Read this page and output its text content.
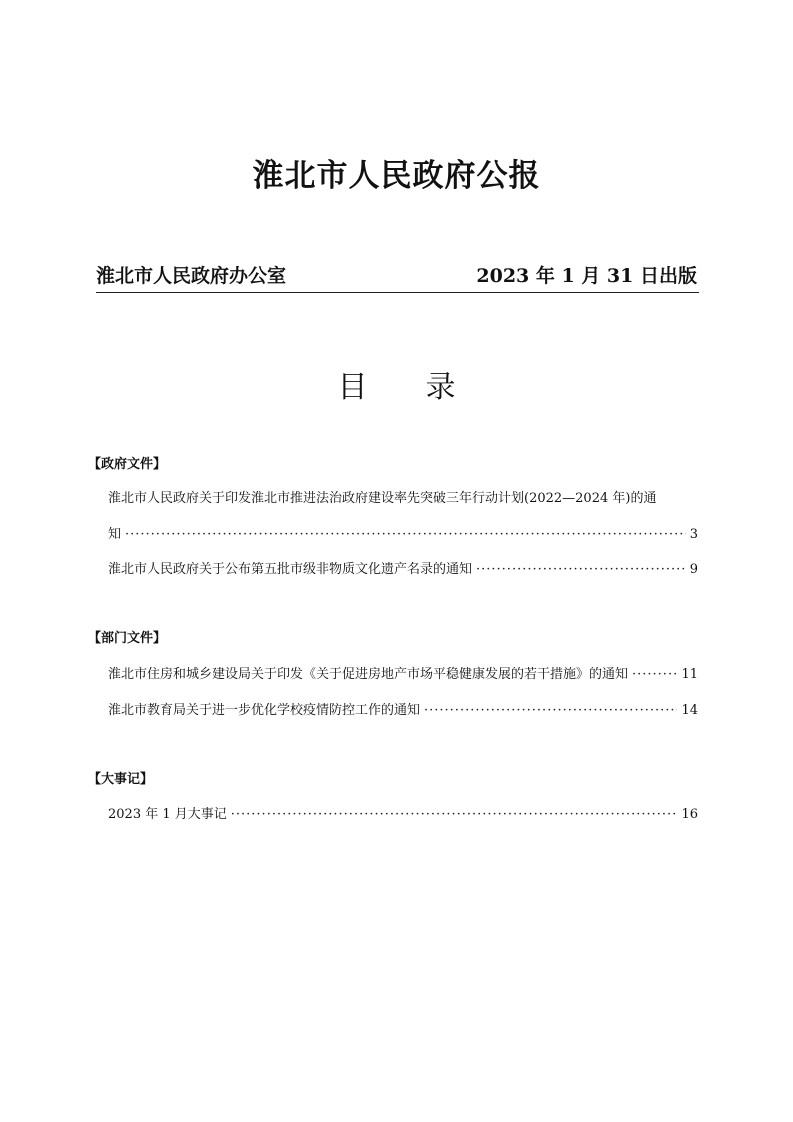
淮北市人民政府公报
淮北市人民政府办公室	2023 年 1 月 31 日出版
目 录
【政府文件】
淮北市人民政府关于印发淮北市推进法治政府建设率先突破三年行动计划(2022—2024 年)的通
知 ·····	3
淮北市人民政府关于公布第五批市级非物质文化遗产名录的通知 ·····	9
【部门文件】
淮北市住房和城乡建设局关于印发《关于促进房地产市场平稳健康发展的若干措施》的通知 ·····	11
淮北市教育局关于进一步优化学校疫情防控工作的通知 ·····	14
【大事记】
2023 年 1 月大事记 ·····	16
